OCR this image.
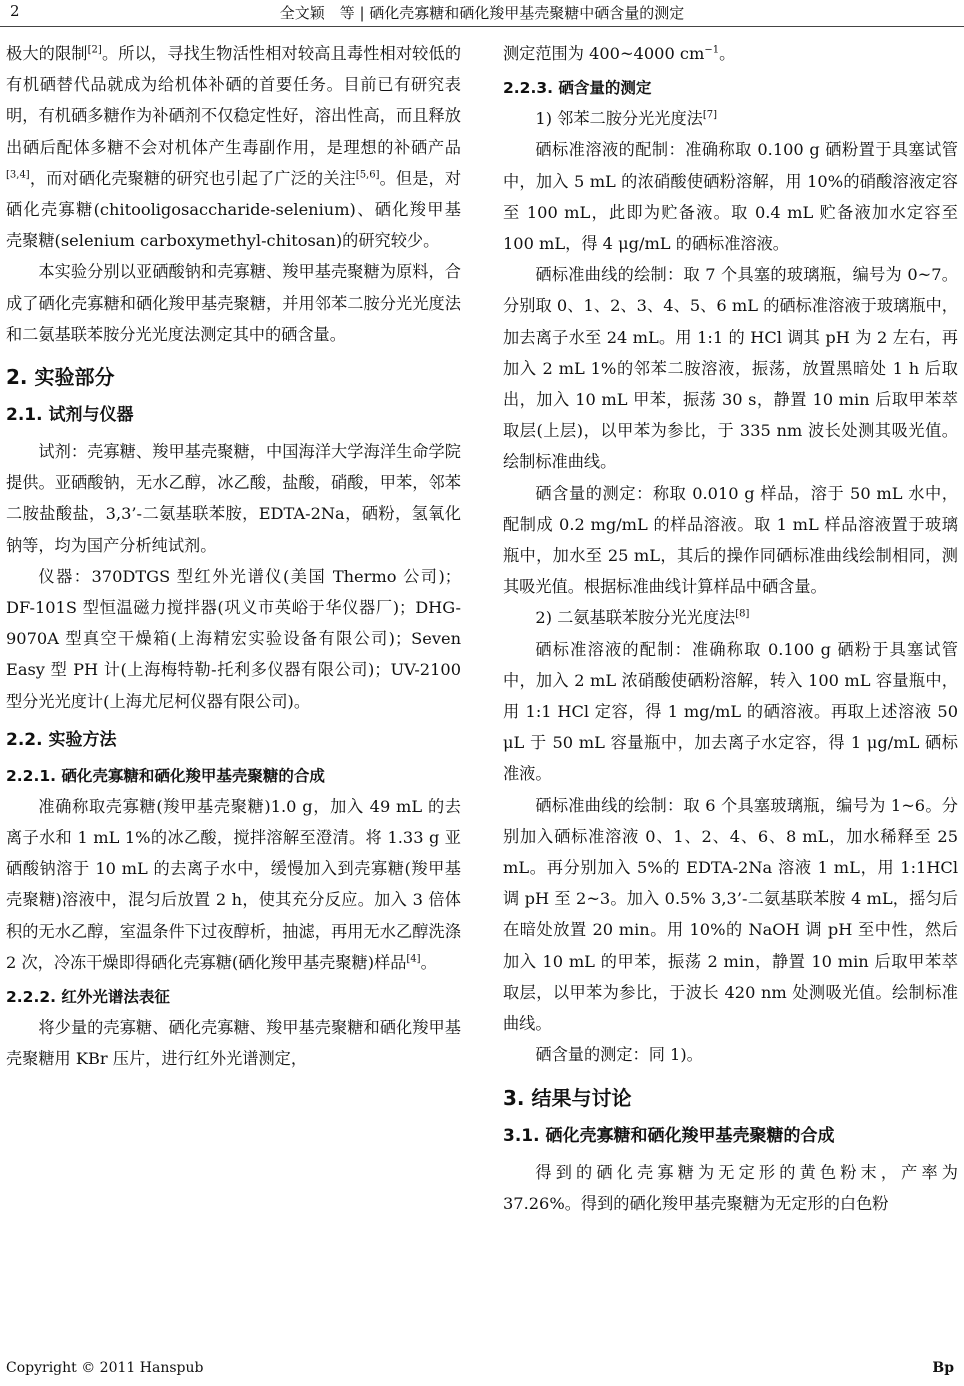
2	全文颖　等 | 硒化壳寡糖和硒化羧甲基壳聚糖中硒含量的测定

极大的限制[2]。所以，寻找生物活性相对较高且毒性相对较低的有机硒替代品就成为给机体补硒的首要任务。目前已有研究表明，有机硒多糖作为补硒剂不仅稳定性好，溶出性高，而且释放出硒后配体多糖不会对机体产生毒副作用，是理想的补硒产品[3,4]，而对硒化壳聚糖的研究也引起了广泛的关注[5,6]。但是，对硒化壳寡糖(chitooligosaccharide-selenium)、硒化羧甲基壳聚糖(selenium carboxymethyl-chitosan)的研究较少。

本实验分别以亚硒酸钠和壳寡糖、羧甲基壳聚糖为原料，合成了硒化壳寡糖和硒化羧甲基壳聚糖，并用邻苯二胺分光光度法和二氨基联苯胺分光光度法测定其中的硒含量。

2. 实验部分
2.1. 试剂与仪器

试剂：壳寡糖、羧甲基壳聚糖，中国海洋大学海洋生命学院提供。亚硒酸钠，无水乙醇，冰乙酸，盐酸，硝酸，甲苯，邻苯二胺盐酸盐，3,3’-二氨基联苯胺，EDTA-2Na，硒粉，氢氧化钠等，均为国产分析纯试剂。

仪器：370DTGS 型红外光谱仪(美国 Thermo 公司)；DF-101S 型恒温磁力搅拌器(巩义市英峪于华仪器厂)；DHG-9070A 型真空干燥箱(上海精宏实验设备有限公司)；Seven Easy 型 PH 计(上海梅特勒-托利多仪器有限公司)；UV-2100 型分光光度计(上海尤尼柯仪器有限公司)。

2.2. 实验方法
2.2.1. 硒化壳寡糖和硒化羧甲基壳聚糖的合成

准确称取壳寡糖(羧甲基壳聚糖)1.0 g，加入 49 mL 的去离子水和 1 mL 1%的冰乙酸，搅拌溶解至澄清。将 1.33 g 亚硒酸钠溶于 10 mL 的去离子水中，缓慢加入到壳寡糖(羧甲基壳聚糖)溶液中，混匀后放置 2 h，使其充分反应。加入 3 倍体积的无水乙醇，室温条件下过夜醇析，抽滤，再用无水乙醇洗涤 2 次，冷冻干燥即得硒化壳寡糖(硒化羧甲基壳聚糖)样品[4]。

2.2.2. 红外光谱法表征

将少量的壳寡糖、硒化壳寡糖、羧甲基壳聚糖和硒化羧甲基壳聚糖用 KBr 压片，进行红外光谱测定，

测定范围为 400~4000 $cm^{-1}$。

2.2.3. 硒含量的测定

1) 邻苯二胺分光光度法[7]

硒标准溶液的配制：准确称取 0.100 g 硒粉置于具塞试管中，加入 5 mL 的浓硝酸使硒粉溶解，用 10%的硝酸溶液定容至 100 mL，此即为贮备液。取 0.4 mL 贮备液加水定容至 100 mL，得 4 μg/mL 的硒标准溶液。

硒标准曲线的绘制：取 7 个具塞的玻璃瓶，编号为 0~7。分别取 0、1、2、3、4、5、6 mL 的硒标准溶液于玻璃瓶中，加去离子水至 24 mL。用 1:1 的 HCl 调其 pH 为 2 左右，再加入 2 mL 1%的邻苯二胺溶液，振荡，放置黑暗处 1 h 后取出，加入 10 mL 甲苯，振荡 30 s，静置 10 min 后取甲苯萃取层(上层)，以甲苯为参比，于 335 nm 波长处测其吸光值。绘制标准曲线。

硒含量的测定：称取 0.010 g 样品，溶于 50 mL 水中，配制成 0.2 mg/mL 的样品溶液。取 1 mL 样品溶液置于玻璃瓶中，加水至 25 mL，其后的操作同硒标准曲线绘制相同，测其吸光值。根据标准曲线计算样品中硒含量。

2) 二氨基联苯胺分光光度法[8]

硒标准溶液的配制：准确称取 0.100 g 硒粉于具塞试管中，加入 2 mL 浓硝酸使硒粉溶解，转入 100 mL 容量瓶中，用 1:1 HCl 定容，得 1 mg/mL 的硒溶液。再取上述溶液 50 μL 于 50 mL 容量瓶中，加去离子水定容，得 1 μg/mL 硒标准液。

硒标准曲线的绘制：取 6 个具塞玻璃瓶，编号为 1~6。分别加入硒标准溶液 0、1、2、4、6、8 mL，加水稀释至 25 mL。再分别加入 5%的 EDTA-2Na 溶液 1 mL，用 1:1HCl 调 pH 至 2~3。加入 0.5% 3,3’-二氨基联苯胺 4 mL，摇匀后在暗处放置 20 min。用 10%的 NaOH 调 pH 至中性，然后加入 10 mL 的甲苯，振荡 2 min，静置 10 min 后取甲苯萃取层，以甲苯为参比，于波长 420 nm 处测吸光值。绘制标准曲线。

硒含量的测定：同 1)。

3. 结果与讨论
3.1. 硒化壳寡糖和硒化羧甲基壳聚糖的合成

得到的硒化壳寡糖为无定形的黄色粉末，产率为 37.26%。得到的硒化羧甲基壳聚糖为无定形的白色粉

Copyright © 2011 Hanspub	Bp
